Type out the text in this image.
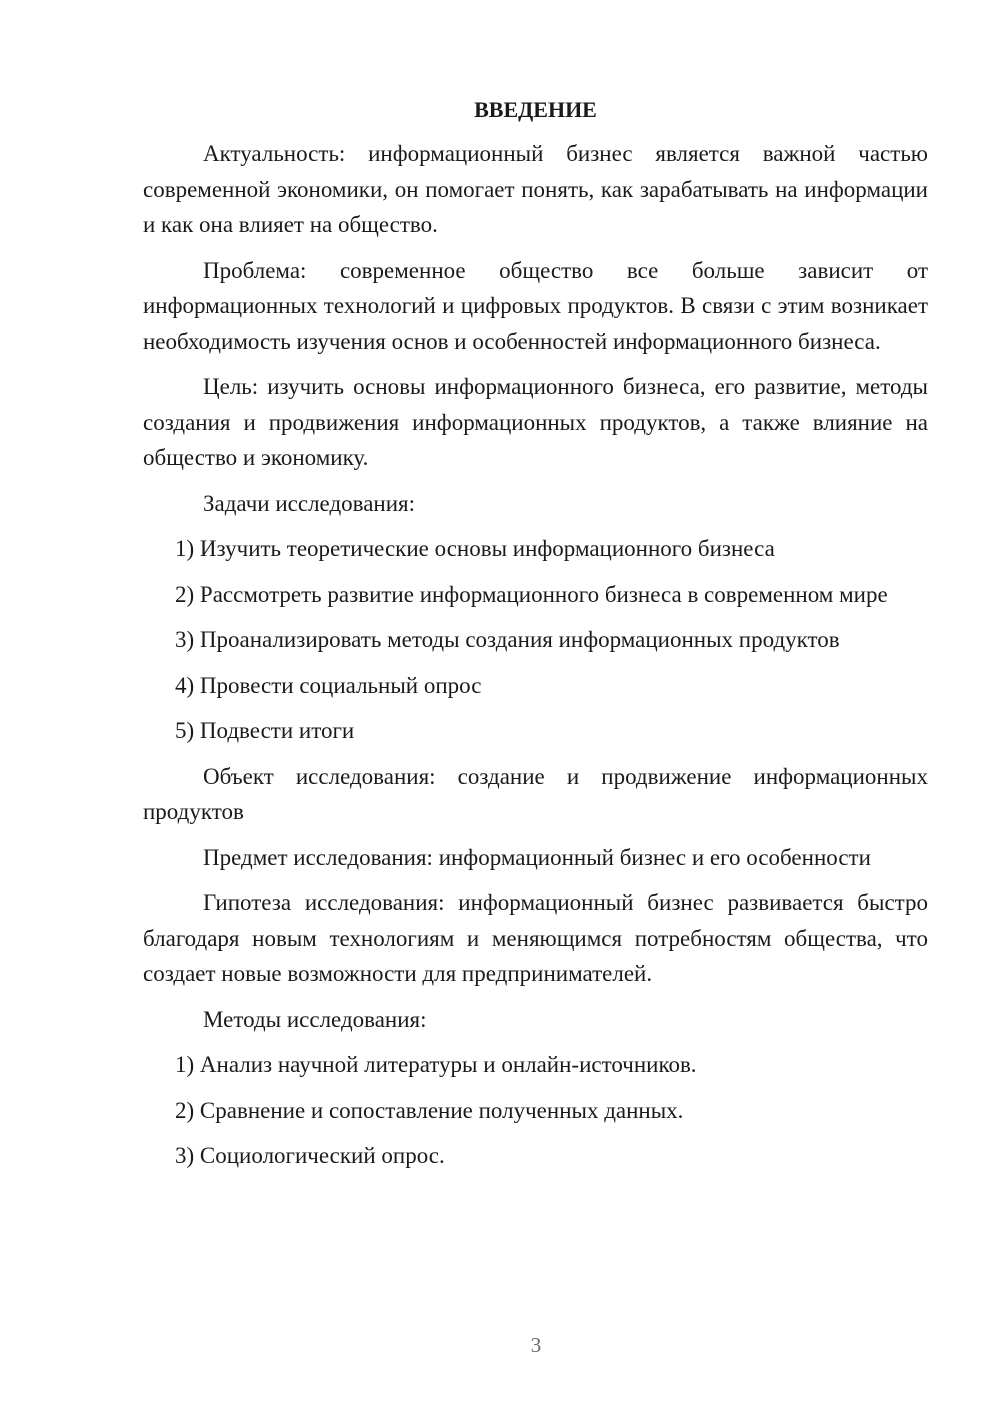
ВВЕДЕНИЕ

Актуальность: информационный бизнес является важной частью современной экономики, он помогает понять, как зарабатывать на информации и как она влияет на общество.

Проблема: современное общество все больше зависит от информационных технологий и цифровых продуктов. В связи с этим возникает необходимость изучения основ и особенностей информационного бизнеса.

Цель: изучить основы информационного бизнеса, его развитие, методы создания и продвижения информационных продуктов, а также влияние на общество и экономику.

Задачи исследования:

1) Изучить теоретические основы информационного бизнеса

2) Рассмотреть развитие информационного бизнеса в современном мире

3) Проанализировать методы создания информационных продуктов

4) Провести социальный опрос

5) Подвести итоги

Объект исследования: создание и продвижение информационных продуктов

Предмет исследования: информационный бизнес и его особенности

Гипотеза исследования: информационный бизнес развивается быстро благодаря новым технологиям и меняющимся потребностям общества, что создает новые возможности для предпринимателей.

Методы исследования:

1) Анализ научной литературы и онлайн-источников.

2) Сравнение и сопоставление полученных данных.

3) Социологический опрос.

3
